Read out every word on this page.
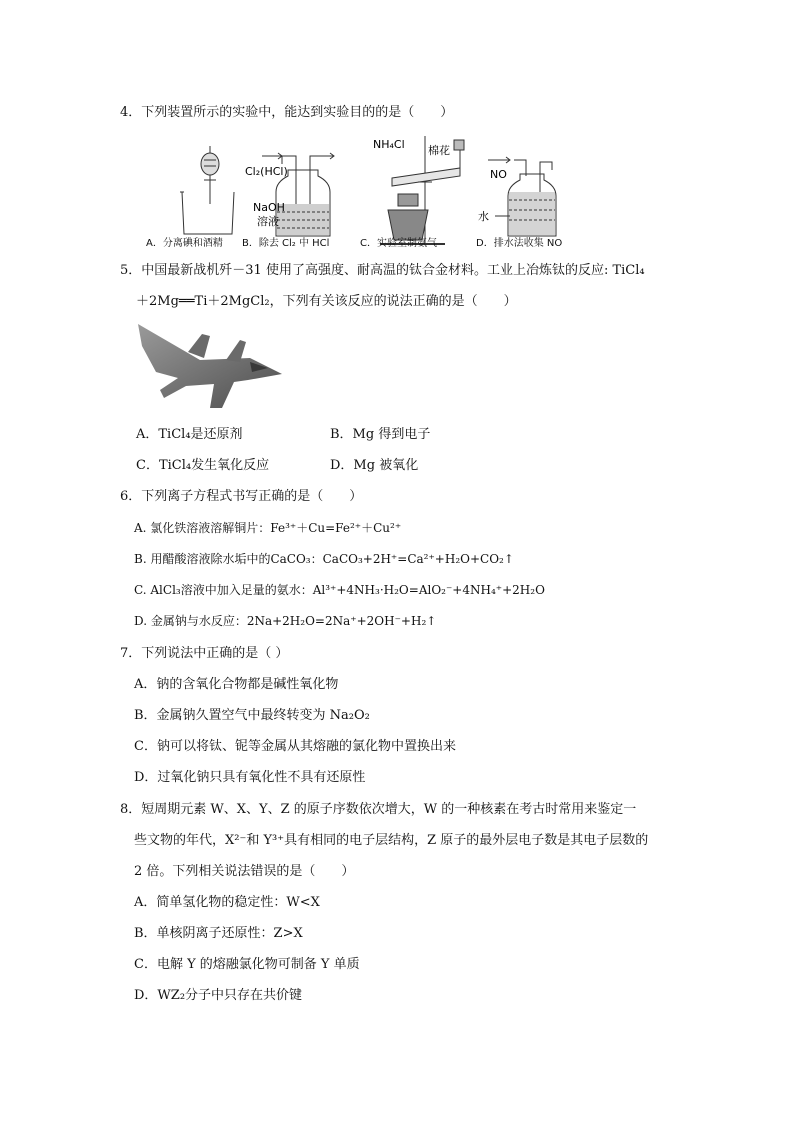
4．下列装置所示的实验中，能达到实验目的的是（　　）
Cl₂(HCl)
NaOH
溶液
NH₄Cl 棉花
NO
水
A．分离碘和酒精 B．除去 Cl₂ 中 HCl	C．实验室制氨气	D．排水法收集 NO
5．中国最新战机歼－31 使用了高强度、耐高温的钛合金材料。工业上冶炼钛的反应: TiCl₄
＋2Mg══Ti＋2MgCl₂，下列有关该反应的说法正确的是（　　）
A．TiCl₄是还原剂	B．Mg 得到电子
C．TiCl₄发生氧化反应	D．Mg 被氧化
6．下列离子方程式书写正确的是（　　）
A. 氯化铁溶液溶解铜片：Fe³⁺＋Cu=Fe²⁺＋Cu²⁺
B. 用醋酸溶液除水垢中的CaCO₃：CaCO₃+2H⁺=Ca²⁺+H₂O+CO₂↑
C. AlCl₃溶液中加入足量的氨水：Al³⁺+4NH₃·H₂O=AlO₂⁻+4NH₄⁺+2H₂O
D. 金属钠与水反应：2Na+2H₂O=2Na⁺+2OH⁻+H₂↑
7．下列说法中正确的是（ ）
A．钠的含氧化合物都是碱性氧化物
B．金属钠久置空气中最终转变为 Na₂O₂
C．钠可以将钛、铌等金属从其熔融的氯化物中置换出来
D．过氧化钠只具有氧化性不具有还原性
8．短周期元素 W、X、Y、Z 的原子序数依次增大，W 的一种核素在考古时常用来鉴定一
些文物的年代，X²⁻和 Y³⁺具有相同的电子层结构，Z 原子的最外层电子数是其电子层数的
2 倍。下列相关说法错误的是（　　）
A．简单氢化物的稳定性：W<X
B．单核阴离子还原性：Z>X
C．电解 Y 的熔融氯化物可制备 Y 单质
D．WZ₂分子中只存在共价键
